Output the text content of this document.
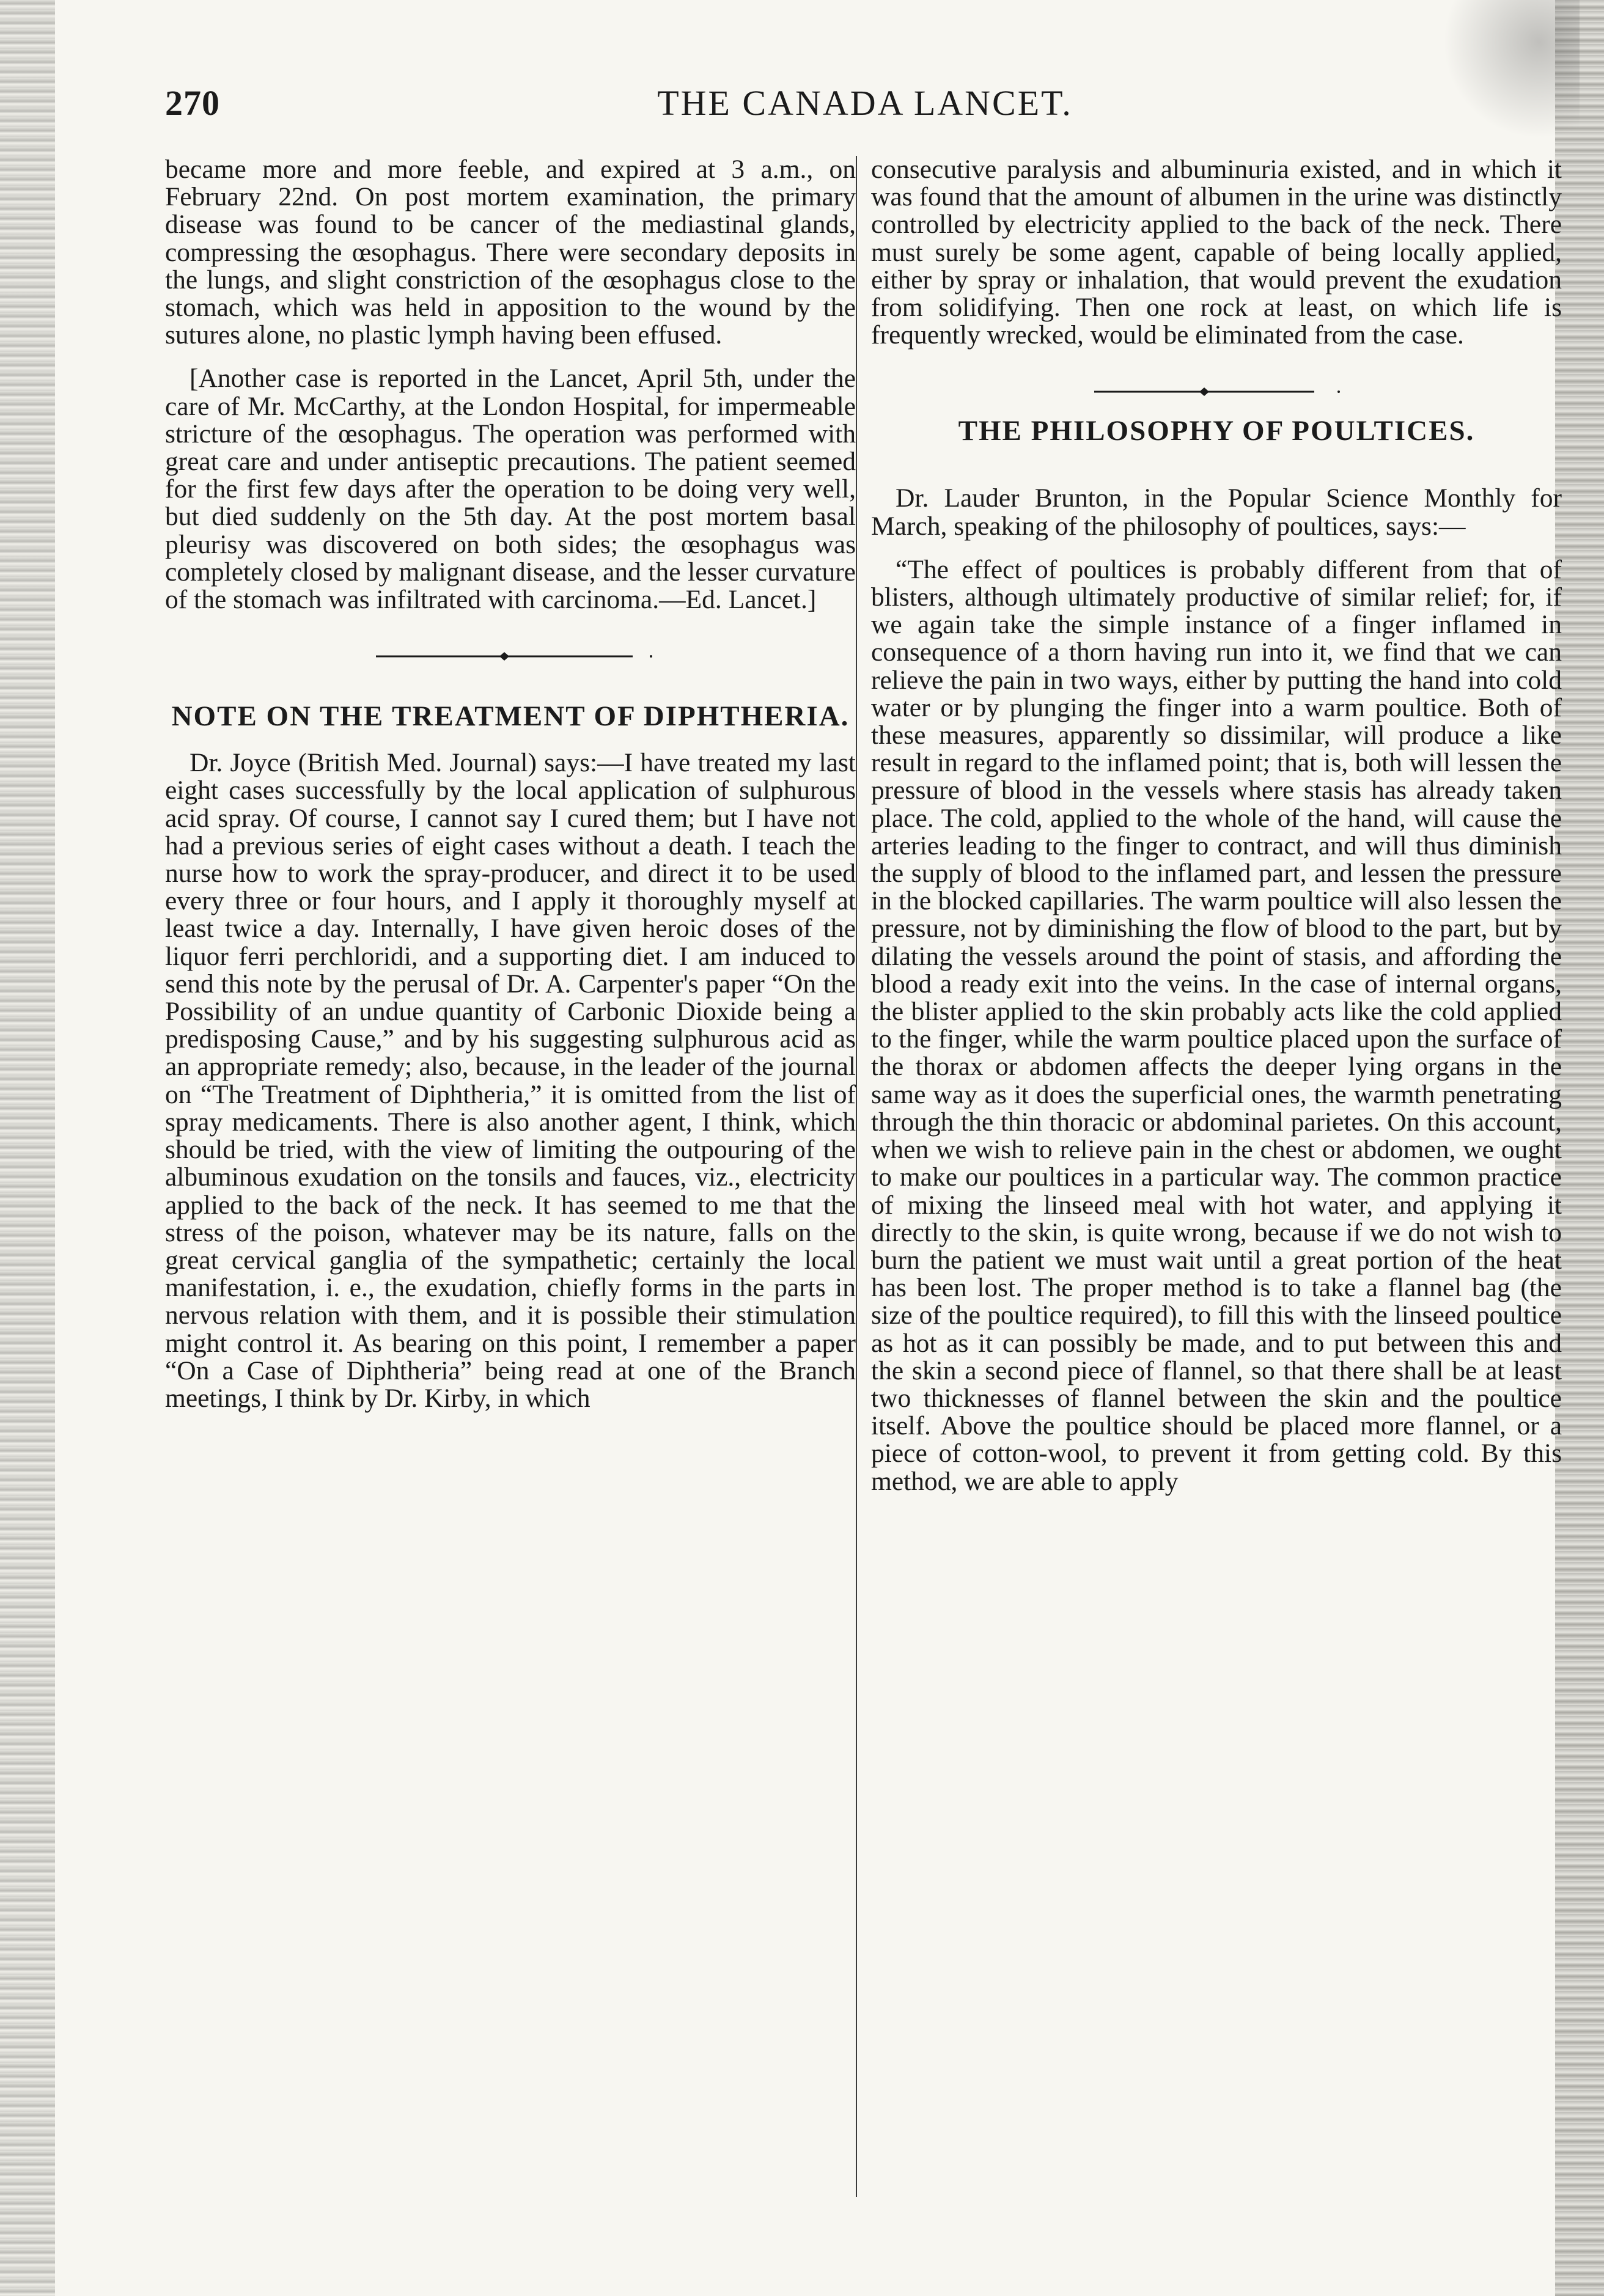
270	THE CANADA LANCET.

became more and more feeble, and expired at 3 a.m., on February 22nd. On post mortem examination, the primary disease was found to be cancer of the mediastinal glands, compressing the œsophagus. There were secondary deposits in the lungs, and slight constriction of the œsophagus close to the stomach, which was held in apposition to the wound by the sutures alone, no plastic lymph having been effused.

[Another case is reported in the Lancet, April 5th, under the care of Mr. McCarthy, at the London Hospital, for impermeable stricture of the œsophagus. The operation was performed with great care and under antiseptic precautions. The patient seemed for the first few days after the operation to be doing very well, but died suddenly on the 5th day. At the post mortem basal pleurisy was discovered on both sides; the œsophagus was completely closed by malignant disease, and the lesser curvature of the stomach was infiltrated with carcinoma.—Ed. Lancet.]

NOTE ON THE TREATMENT OF DIPHTHERIA.

Dr. Joyce (British Med. Journal) says:—I have treated my last eight cases successfully by the local application of sulphurous acid spray. Of course, I cannot say I cured them; but I have not had a previous series of eight cases without a death. I teach the nurse how to work the spray-producer, and direct it to be used every three or four hours, and I apply it thoroughly myself at least twice a day. Internally, I have given heroic doses of the liquor ferri perchloridi, and a supporting diet. I am induced to send this note by the perusal of Dr. A. Carpenter's paper “On the Possibility of an undue quantity of Carbonic Dioxide being a predisposing Cause,” and by his suggesting sulphurous acid as an appropriate remedy; also, because, in the leader of the journal on “The Treatment of Diphtheria,” it is omitted from the list of spray medicaments. There is also another agent, I think, which should be tried, with the view of limiting the outpouring of the albuminous exudation on the tonsils and fauces, viz., electricity applied to the back of the neck. It has seemed to me that the stress of the poison, whatever may be its nature, falls on the great cervical ganglia of the sympathetic; certainly the local manifestation, i. e., the exudation, chiefly forms in the parts in nervous relation with them, and it is possible their stimulation might control it. As bearing on this point, I remember a paper “On a Case of Diphtheria” being read at one of the Branch meetings, I think by Dr. Kirby, in which

consecutive paralysis and albuminuria existed, and in which it was found that the amount of albumen in the urine was distinctly controlled by electricity applied to the back of the neck. There must surely be some agent, capable of being locally applied, either by spray or inhalation, that would prevent the exudation from solidifying. Then one rock at least, on which life is frequently wrecked, would be eliminated from the case.

THE PHILOSOPHY OF POULTICES.

Dr. Lauder Brunton, in the Popular Science Monthly for March, speaking of the philosophy of poultices, says:—

“The effect of poultices is probably different from that of blisters, although ultimately productive of similar relief; for, if we again take the simple instance of a finger inflamed in consequence of a thorn having run into it, we find that we can relieve the pain in two ways, either by putting the hand into cold water or by plunging the finger into a warm poultice. Both of these measures, apparently so dissimilar, will produce a like result in regard to the inflamed point; that is, both will lessen the pressure of blood in the vessels where stasis has already taken place. The cold, applied to the whole of the hand, will cause the arteries leading to the finger to contract, and will thus diminish the supply of blood to the inflamed part, and lessen the pressure in the blocked capillaries. The warm poultice will also lessen the pressure, not by diminishing the flow of blood to the part, but by dilating the vessels around the point of stasis, and affording the blood a ready exit into the veins. In the case of internal organs, the blister applied to the skin probably acts like the cold applied to the finger, while the warm poultice placed upon the surface of the thorax or abdomen affects the deeper lying organs in the same way as it does the superficial ones, the warmth penetrating through the thin thoracic or abdominal parietes. On this account, when we wish to relieve pain in the chest or abdomen, we ought to make our poultices in a particular way. The common practice of mixing the linseed meal with hot water, and applying it directly to the skin, is quite wrong, because if we do not wish to burn the patient we must wait until a great portion of the heat has been lost. The proper method is to take a flannel bag (the size of the poultice required), to fill this with the linseed poultice as hot as it can possibly be made, and to put between this and the skin a second piece of flannel, so that there shall be at least two thicknesses of flannel between the skin and the poultice itself. Above the poultice should be placed more flannel, or a piece of cotton-wool, to prevent it from getting cold. By this method, we are able to apply
